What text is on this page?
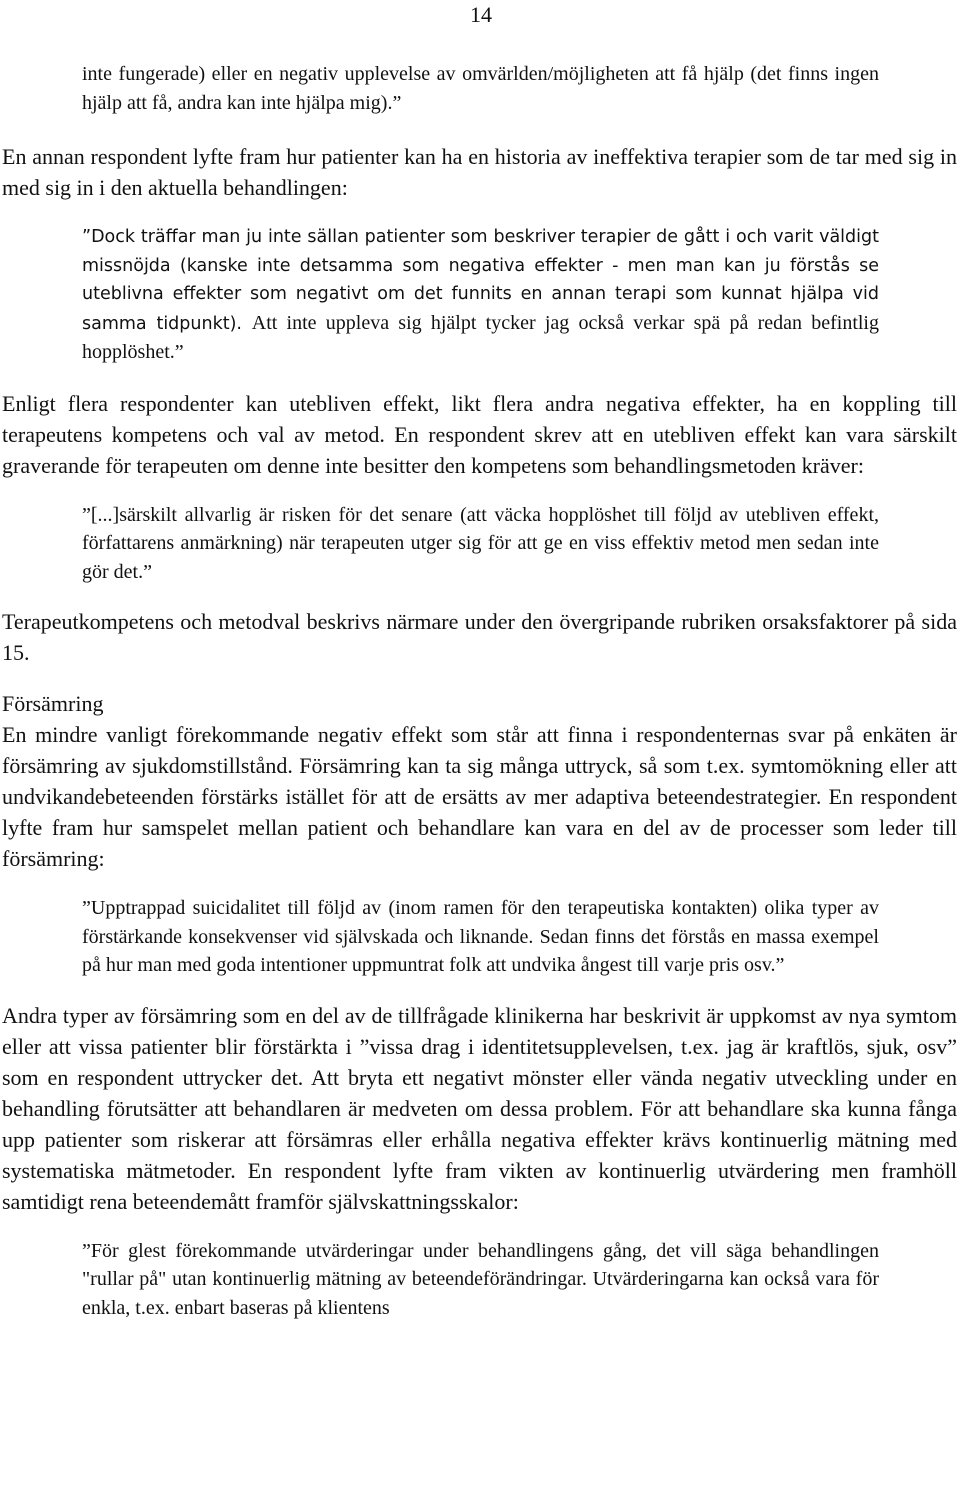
14

inte fungerade) eller en negativ upplevelse av omvärlden/möjligheten att få hjälp (det finns ingen hjälp att få, andra kan inte hjälpa mig).”

En annan respondent lyfte fram hur patienter kan ha en historia av ineffektiva terapier som de tar med sig in med sig in i den aktuella behandlingen:

”Dock träffar man ju inte sällan patienter som beskriver terapier de gått i och varit väldigt missnöjda (kanske inte detsamma som negativa effekter - men man kan ju förstås se uteblivna effekter som negativt om det funnits en annan terapi som kunnat hjälpa vid samma tidpunkt). Att inte uppleva sig hjälpt tycker jag också verkar spä på redan befintlig hopplöshet.”

Enligt flera respondenter kan utebliven effekt, likt flera andra negativa effekter, ha en koppling till terapeutens kompetens och val av metod. En respondent skrev att en utebliven effekt kan vara särskilt graverande för terapeuten om denne inte besitter den kompetens som behandlingsmetoden kräver:

”[...]särskilt allvarlig är risken för det senare (att väcka hopplöshet till följd av utebliven effekt, författarens anmärkning) när terapeuten utger sig för att ge en viss effektiv metod men sedan inte gör det.”

Terapeutkompetens och metodval beskrivs närmare under den övergripande rubriken orsaksfaktorer på sida 15.

Försämring

En mindre vanligt förekommande negativ effekt som står att finna i respondenternas svar på enkäten är försämring av sjukdomstillstånd. Försämring kan ta sig många uttryck, så som t.ex. symtomökning eller att undvikandebeteenden förstärks istället för att de ersätts av mer adaptiva beteendestrategier. En respondent lyfte fram hur samspelet mellan patient och behandlare kan vara en del av de processer som leder till försämring:

”Upptrappad suicidalitet till följd av (inom ramen för den terapeutiska kontakten) olika typer av förstärkande konsekvenser vid självskada och liknande. Sedan finns det förstås en massa exempel på hur man med goda intentioner uppmuntrat folk att undvika ångest till varje pris osv.”

Andra typer av försämring som en del av de tillfrågade klinikerna har beskrivit är uppkomst av nya symtom eller att vissa patienter blir förstärkta i ”vissa drag i identitetsupplevelsen, t.ex. jag är kraftlös, sjuk, osv” som en respondent uttrycker det. Att bryta ett negativt mönster eller vända negativ utveckling under en behandling förutsätter att behandlaren är medveten om dessa problem. För att behandlare ska kunna fånga upp patienter som riskerar att försämras eller erhålla negativa effekter krävs kontinuerlig mätning med systematiska mätmetoder. En respondent lyfte fram vikten av kontinuerlig utvärdering men framhöll samtidigt rena beteendemått framför självskattningsskalor:

”För glest förekommande utvärderingar under behandlingens gång, det vill säga behandlingen "rullar på" utan kontinuerlig mätning av beteendeförändringar. Utvärderingarna kan också vara för enkla, t.ex. enbart baseras på klientens
